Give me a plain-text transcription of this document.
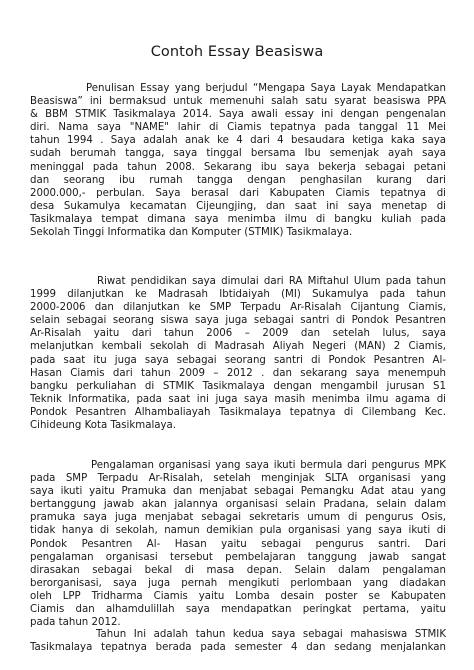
Contoh Essay Beasiswa
Penulisan Essay yang berjudul “Mengapa Saya Layak Mendapatkan
Beasiswa” ini bermaksud untuk memenuhi salah satu syarat beasiswa PPA
& BBM STMIK Tasikmalaya 2014. Saya awali essay ini dengan pengenalan
diri. Nama saya "NAME" lahir di Ciamis tepatnya pada tanggal 11 Mei
tahun 1994 . Saya adalah anak ke 4 dari 4 besaudara ketiga kaka saya
sudah berumah tangga, saya tinggal bersama Ibu semenjak ayah saya
meninggal pada tahun 2008. Sekarang ibu saya bekerja sebagai petani
dan seorang ibu rumah tangga dengan penghasilan kurang dari
2000.000,- perbulan. Saya berasal dari Kabupaten Ciamis tepatnya di
desa Sukamulya kecamatan Cijeungjing, dan saat ini saya menetap di
Tasikmalaya tempat dimana saya menimba ilmu di bangku kuliah pada
Sekolah Tinggi Informatika dan Komputer (STMIK) Tasikmalaya.
Riwat pendidikan saya dimulai dari RA Miftahul Ulum pada tahun
1999 dilanjutkan ke Madrasah Ibtidaiyah (MI) Sukamulya pada tahun
2000-2006 dan dilanjutkan ke SMP Terpadu Ar-Risalah Cijantung Ciamis,
selain sebagai seorang siswa saya juga sebagai santri di Pondok Pesantren
Ar-Risalah yaitu dari tahun 2006 – 2009 dan setelah lulus, saya
melanjutkan kembali sekolah di Madrasah Aliyah Negeri (MAN) 2 Ciamis,
pada saat itu juga saya sebagai seorang santri di Pondok Pesantren Al-
Hasan Ciamis dari tahun 2009 – 2012 . dan sekarang saya menempuh
bangku perkuliahan di STMIK Tasikmalaya dengan mengambil jurusan S1
Teknik Informatika, pada saat ini juga saya masih menimba ilmu agama di
Pondok Pesantren Alhambaliayah Tasikmalaya tepatnya di Cilembang Kec.
Cihideung Kota Tasikmalaya.
Pengalaman organisasi yang saya ikuti bermula dari pengurus MPK
pada SMP Terpadu Ar-Risalah, setelah menginjak SLTA organisasi yang
saya ikuti yaitu Pramuka dan menjabat sebagai Pemangku Adat atau yang
bertanggung jawab akan jalannya organisasi selain Pradana, selain dalam
pramuka saya juga menjabat sebagai sekretaris umum di pengurus Osis,
tidak hanya di sekolah, namun demikian pula organisasi yang saya ikuti di
Pondok Pesantren Al- Hasan yaitu sebagai pengurus santri. Dari
pengalaman organisasi tersebut pembelajaran tanggung jawab sangat
dirasakan sebagai bekal di masa depan. Selain dalam pengalaman
berorganisasi, saya juga pernah mengikuti perlombaan yang diadakan
oleh LPP Tridharma Ciamis yaitu Lomba desain poster se Kabupaten
Ciamis dan alhamdulillah saya mendapatkan peringkat pertama, yaitu
pada tahun 2012.
Tahun Ini adalah tahun kedua saya sebagai mahasiswa STMIK
Tasikmalaya tepatnya berada pada semester 4 dan sedang menjalankan
